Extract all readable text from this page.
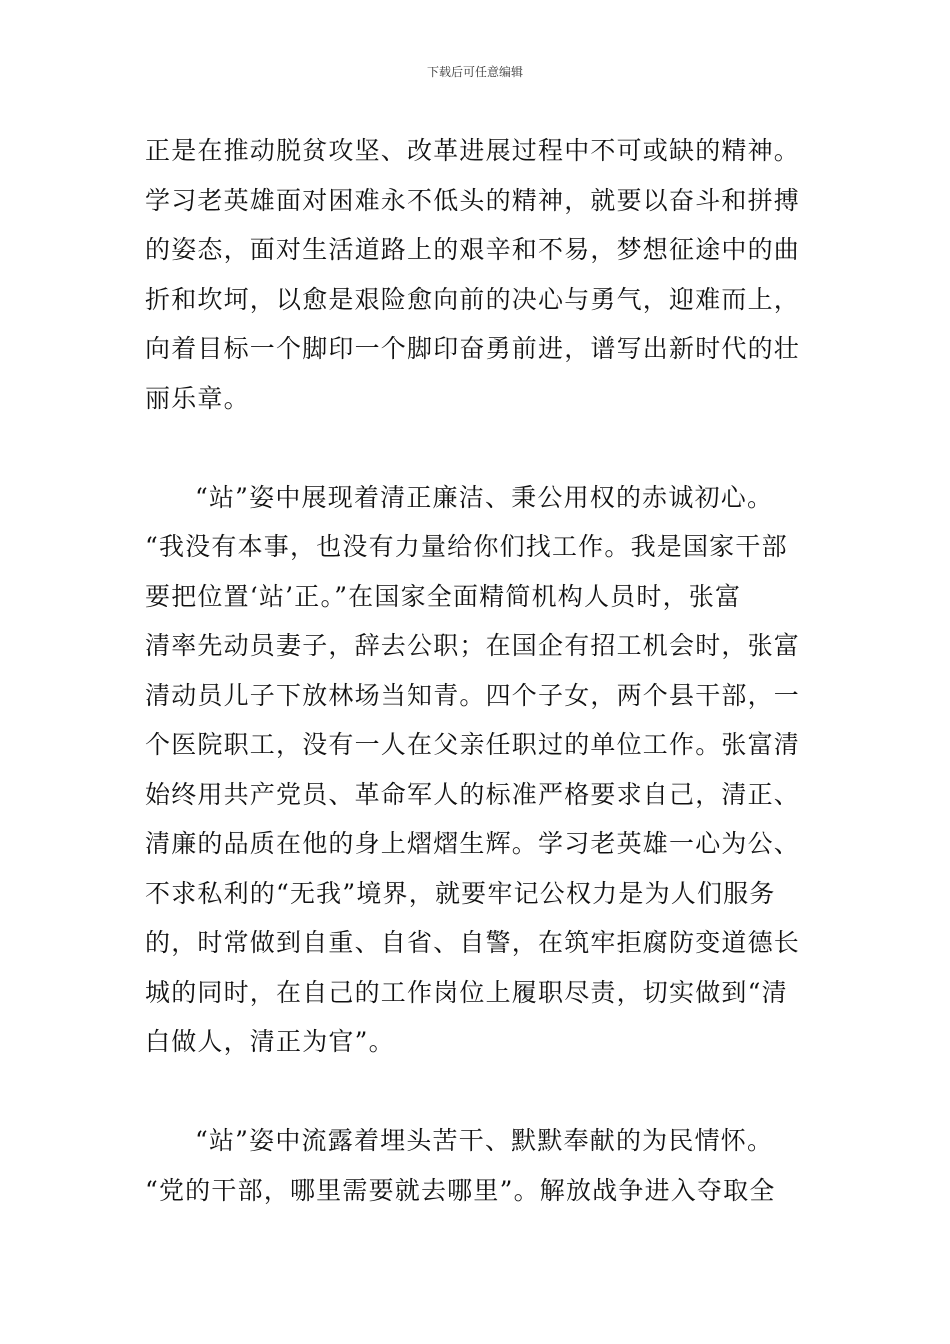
下载后可任意编辑

正是在推动脱贫攻坚、改革进展过程中不可或缺的精神。
学习老英雄面对困难永不低头的精神，就要以奋斗和拼搏
的姿态，面对生活道路上的艰辛和不易，梦想征途中的曲
折和坎坷，以愈是艰险愈向前的决心与勇气，迎难而上，
向着目标一个脚印一个脚印奋勇前进，谱写出新时代的壮
丽乐章。

“站”姿中展现着清正廉洁、秉公用权的赤诚初心。
“我没有本事，也没有力量给你们找工作。我是国家干部
要把位置‘站’正。”在国家全面精简机构人员时，张富
清率先动员妻子，辞去公职；在国企有招工机会时，张富
清动员儿子下放林场当知青。四个子女，两个县干部，一
个医院职工，没有一人在父亲任职过的单位工作。张富清
始终用共产党员、革命军人的标准严格要求自己，清正、
清廉的品质在他的身上熠熠生辉。学习老英雄一心为公、
不求私利的“无我”境界，就要牢记公权力是为人们服务
的，时常做到自重、自省、自警，在筑牢拒腐防变道德长
城的同时，在自己的工作岗位上履职尽责，切实做到“清
白做人，清正为官”。

“站”姿中流露着埋头苦干、默默奉献的为民情怀。
“党的干部，哪里需要就去哪里”。解放战争进入夺取全
